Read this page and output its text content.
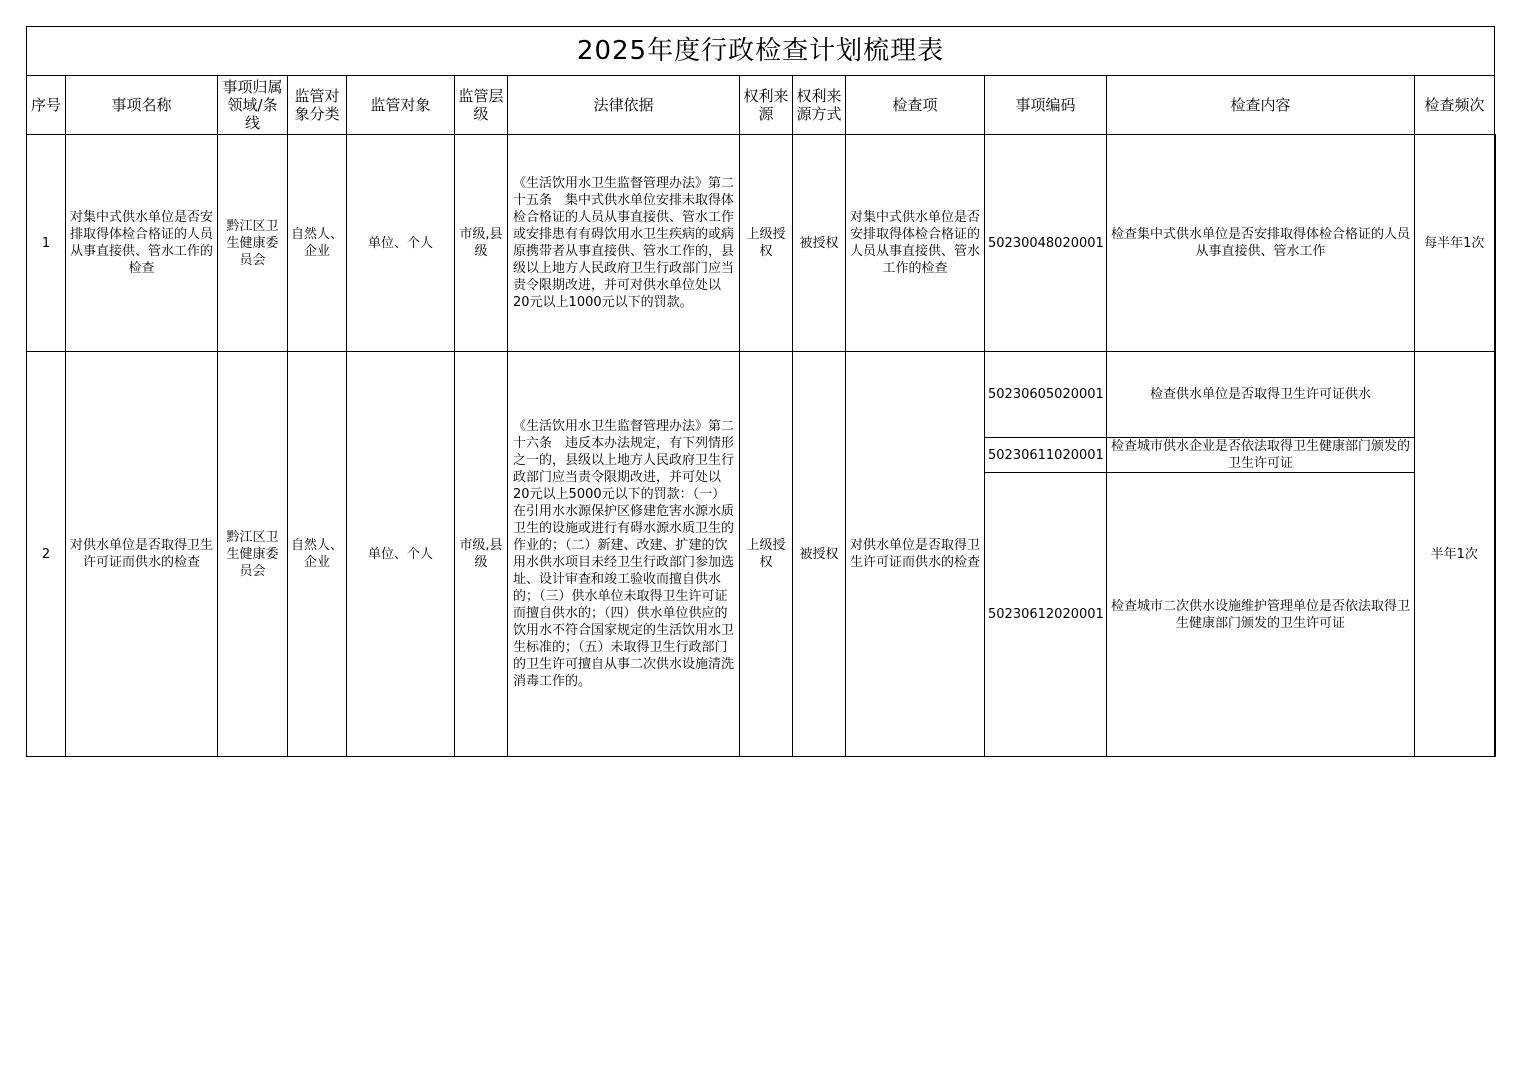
2025年度行政检查计划梳理表												
序号	事项名称	事项归属领域/条线	监管对象分类	监管对象	监管层级	法律依据	权利来源	权利来源方式	检查项	事项编码	检查内容	检查频次
1	对集中式供水单位是否安排取得体检合格证的人员从事直接供、管水工作的检查	黔江区卫生健康委员会	自然人、企业	单位、个人	市级,县级	《生活饮用水卫生监督管理办法》第二十五条　集中式供水单位安排未取得体检合格证的人员从事直接供、管水工作或安排患有有碍饮用水卫生疾病的或病原携带者从事直接供、管水工作的，县级以上地方人民政府卫生行政部门应当责令限期改进，并可对供水单位处以20元以上1000元以下的罚款。	上级授权	被授权	对集中式供水单位是否安排取得体检合格证的人员从事直接供、管水工作的检查	50230048020001	检查集中式供水单位是否安排取得体检合格证的人员从事直接供、管水工作	每半年1次
2	对供水单位是否取得卫生许可证而供水的检查	黔江区卫生健康委员会	自然人、企业	单位、个人	市级,县级	《生活饮用水卫生监督管理办法》第二十六条　违反本办法规定，有下列情形之一的，县级以上地方人民政府卫生行政部门应当责令限期改进，并可处以20元以上5000元以下的罚款：（一）在引用水水源保护区修建危害水源水质卫生的设施或进行有碍水源水质卫生的作业的；（二）新建、改建、扩建的饮用水供水项目未经卫生行政部门参加选址、设计审查和竣工验收而擅自供水的；（三）供水单位未取得卫生许可证而擅自供水的；（四）供水单位供应的饮用水不符合国家规定的生活饮用水卫生标准的；（五）未取得卫生行政部门的卫生许可擅自从事二次供水设施清洗消毒工作的。	上级授权	被授权	对供水单位是否取得卫生许可证而供水的检查	50230605020001	检查供水单位是否取得卫生许可证供水	半年1次
										50230611020001	检查城市供水企业是否依法取得卫生健康部门颁发的卫生许可证	
										50230612020001	检查城市二次供水设施维护管理单位是否依法取得卫生健康部门颁发的卫生许可证	
